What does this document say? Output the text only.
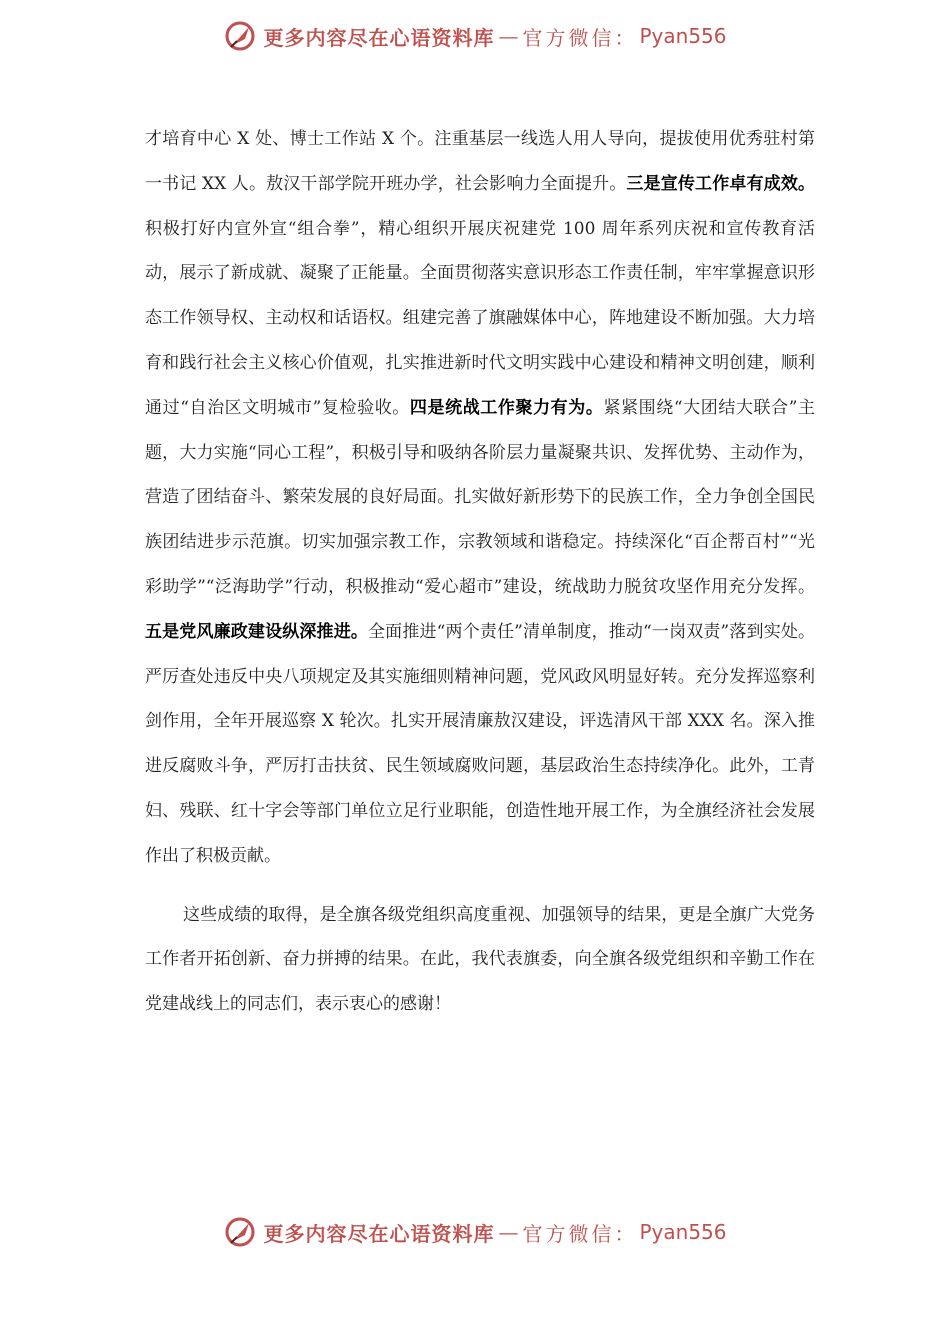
更多内容尽在心语资料库 — 官方微信： Pyan556

才培育中心 X 处、博士工作站 X 个。注重基层一线选人用人导向，提拔使用优秀驻村第一书记 XX 人。敖汉干部学院开班办学，社会影响力全面提升。三是宣传工作卓有成效。积极打好内宣外宣“组合拳”，精心组织开展庆祝建党 100 周年系列庆祝和宣传教育活动，展示了新成就、凝聚了正能量。全面贯彻落实意识形态工作责任制，牢牢掌握意识形态工作领导权、主动权和话语权。组建完善了旗融媒体中心，阵地建设不断加强。大力培育和践行社会主义核心价值观，扎实推进新时代文明实践中心建设和精神文明创建，顺利通过“自治区文明城市”复检验收。四是统战工作聚力有为。紧紧围绕“大团结大联合”主题，大力实施“同心工程”，积极引导和吸纳各阶层力量凝聚共识、发挥优势、主动作为，营造了团结奋斗、繁荣发展的良好局面。扎实做好新形势下的民族工作，全力争创全国民族团结进步示范旗。切实加强宗教工作，宗教领域和谐稳定。持续深化“百企帮百村”“光彩助学”“泛海助学”行动，积极推动“爱心超市”建设，统战助力脱贫攻坚作用充分发挥。五是党风廉政建设纵深推进。全面推进“两个责任”清单制度，推动“一岗双责”落到实处。严厉查处违反中央八项规定及其实施细则精神问题，党风政风明显好转。充分发挥巡察利剑作用，全年开展巡察 X 轮次。扎实开展清廉敖汉建设，评选清风干部 XXX 名。深入推进反腐败斗争，严厉打击扶贫、民生领域腐败问题，基层政治生态持续净化。此外，工青妇、残联、红十字会等部门单位立足行业职能，创造性地开展工作，为全旗经济社会发展作出了积极贡献。

这些成绩的取得，是全旗各级党组织高度重视、加强领导的结果，更是全旗广大党务工作者开拓创新、奋力拼搏的结果。在此，我代表旗委，向全旗各级党组织和辛勤工作在党建战线上的同志们，表示衷心的感谢！

更多内容尽在心语资料库 — 官方微信： Pyan556
